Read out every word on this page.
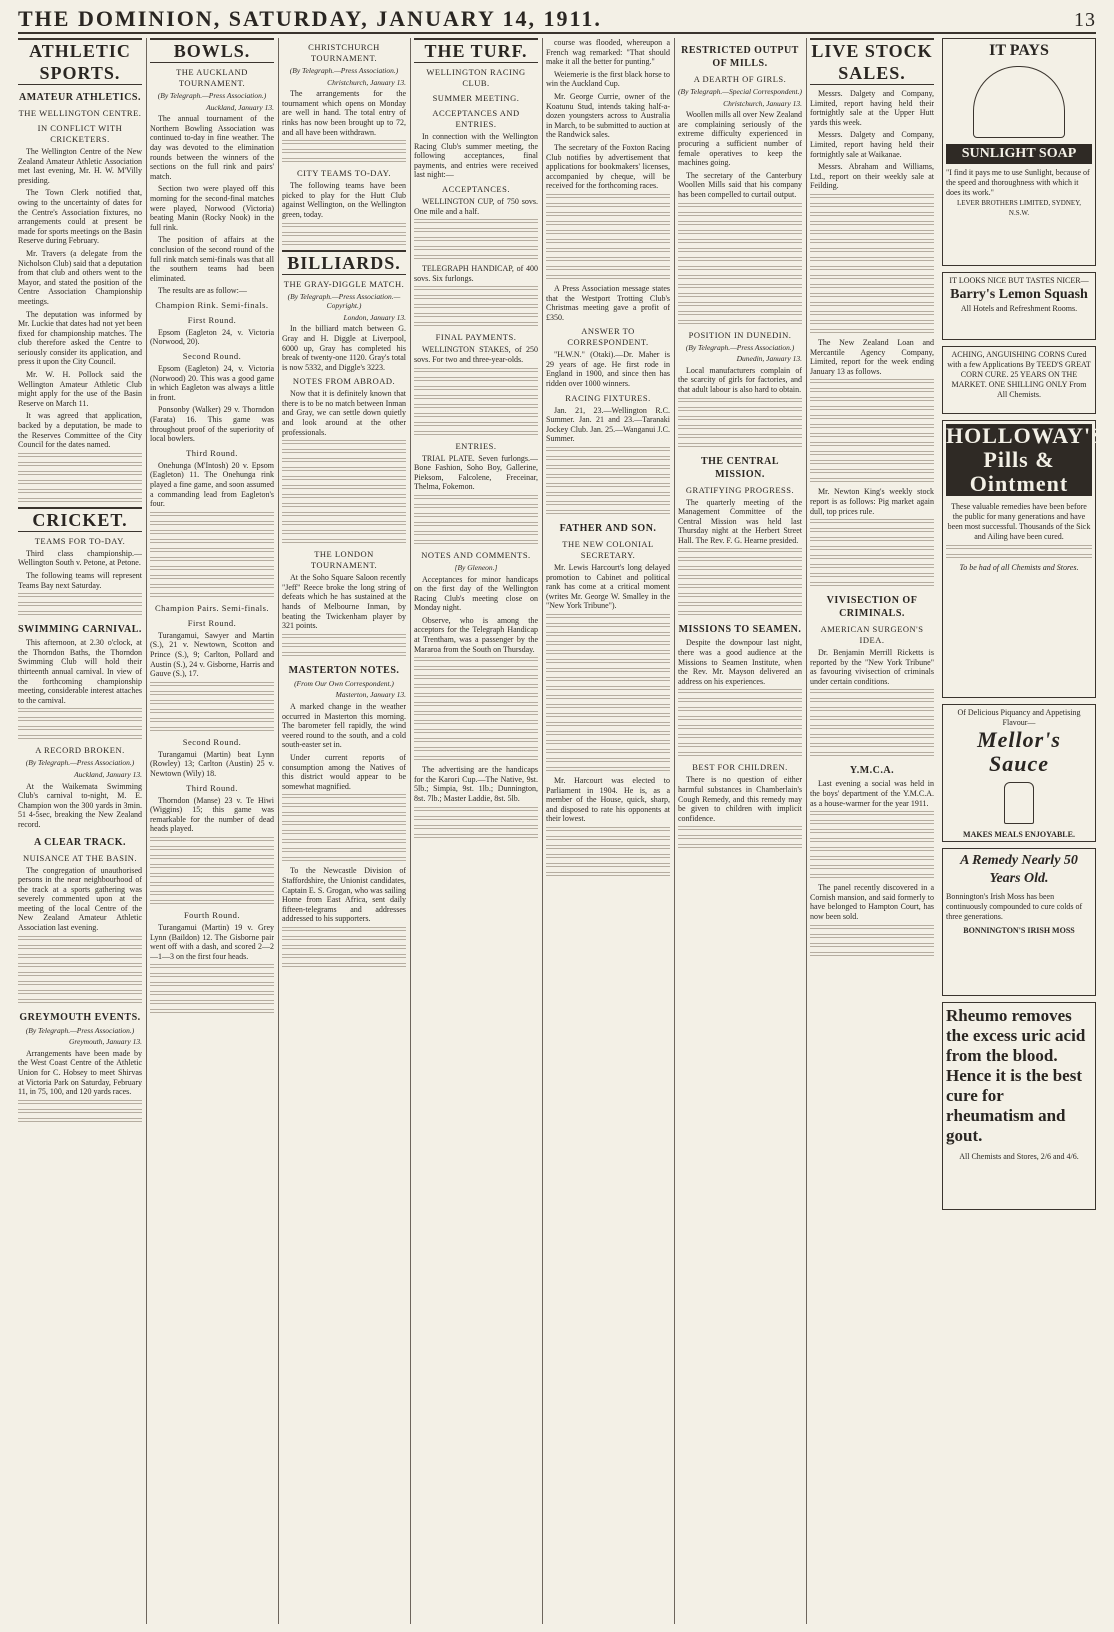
THE DOMINION, SATURDAY, JANUARY 14, 1911.	13
ATHLETIC SPORTS.
AMATEUR ATHLETICS.
THE WELLINGTON CENTRE.
IN CONFLICT WITH CRICKETERS.
The Wellington Centre of the New Zealand Amateur Athletic Association met last evening, Mr. H. W. M'Villy presiding.
The Town Clerk notified that, owing to the uncertainty of dates for the Centre's Association fixtures, no arrangements could at present be made for sports meetings on the Basin Reserve during February.
Mr. Travers (a delegate from the Nicholson Club) said that a deputation from that club and others went to the Mayor, and stated the position of the Centre Association Championship meetings.
The deputation was informed by Mr. Luckie that dates had not yet been fixed for championship matches. The club therefore asked the Centre to seriously consider its application, and press it upon the City Council.
Mr. W. H. Pollock said the Wellington Amateur Athletic Club might apply for the use of the Basin Reserve on March 11.
It was agreed that application, backed by a deputation, be made to the Reserves Committee of the City Council for the dates named.
CRICKET.
TEAMS FOR TO-DAY.
Third class championship.—Wellington South v. Petone, at Petone.
The following teams will represent Teams Bay next Saturday.
SWIMMING CARNIVAL.
This afternoon, at 2.30 o'clock, at the Thorndon Baths, the Thorndon Swimming Club will hold their thirteenth annual carnival. In view of the forthcoming championship meeting, considerable interest attaches to the carnival.
A RECORD BROKEN.
(By Telegraph.—Press Association.)
Auckland, January 13.
At the Waikemata Swimming Club's carnival to-night, M. E. Champion won the 300 yards in 3min. 51 4-5sec, breaking the New Zealand record.
A CLEAR TRACK.
NUISANCE AT THE BASIN.
The congregation of unauthorised persons in the near neighbourhood of the track at a sports gathering was severely commented upon at the meeting of the local Centre of the New Zealand Amateur Athletic Association last evening.
GREYMOUTH EVENTS.
(By Telegraph.—Press Association.)
Greymouth, January 13.
Arrangements have been made by the West Coast Centre of the Athletic Union for C. Hobsey to meet Shirvas at Victoria Park on Saturday, February 11, in 75, 100, and 120 yards races.
BOWLS.
THE AUCKLAND TOURNAMENT.
(By Telegraph.—Press Association.)
Auckland, January 13.
The annual tournament of the Northern Bowling Association was continued to-day in fine weather. The day was devoted to the elimination rounds between the winners of the sections on the full rink and pairs' match.
Section two were played off this morning for the second-final matches were played, Norwood (Victoria) beating Manin (Rocky Nook) in the full rink.
The position of affairs at the conclusion of the second round of the full rink match semi-finals was that all the southern teams had been eliminated.
The results are as follow:—
Champion Rink. Semi-finals.
First Round.
Epsom (Eagleton 24, v. Victoria (Norwood, 20).
Second Round.
Epsom (Eagleton) 24, v. Victoria (Norwood) 20. This was a good game in which Eagleton was always a little in front.
Ponsonby (Walker) 29 v. Thorndon (Farata) 16. This game was throughout proof of the superiority of local bowlers.
Third Round.
Onehunga (M'Intosh) 20 v. Epsom (Eagleton) 11. The Onehunga rink played a fine game, and soon assumed a commanding lead from Eagleton's four.
Champion Pairs. Semi-finals.
First Round.
Turangamui, Sawyer and Martin (S.), 21 v. Newtown, Scotton and Prince (S.), 9; Carlton, Pollard and Austin (S.), 24 v. Gisborne, Harris and Gauve (S.), 17.
Second Round.
Turangamui (Martin) beat Lynn (Rowley) 13; Carlton (Austin) 25 v. Newtown (Wily) 18.
Third Round.
Thorndon (Manse) 23 v. Te Hiwi (Wiggins) 15; this game was remarkable for the number of dead heads played.
Fourth Round.
Turangamui (Martin) 19 v. Grey Lynn (Baildon) 12. The Gisborne pair went off with a dash, and scored 2—2—1—3 on the first four heads.
CHRISTCHURCH TOURNAMENT.
(By Telegraph.—Press Association.)
Christchurch, January 13.
The arrangements for the tournament which opens on Monday are well in hand. The total entry of rinks has now been brought up to 72, and all have been withdrawn.
CITY TEAMS TO-DAY.
The following teams have been picked to play for the Hutt Club against Wellington, on the Wellington green, today.
BILLIARDS.
THE GRAY-DIGGLE MATCH.
(By Telegraph.—Press Association.—Copyright.)
London, January 13.
In the billiard match between G. Gray and H. Diggle at Liverpool, 6000 up, Gray has completed his break of twenty-one 1120. Gray's total is now 5332, and Diggle's 3223.
NOTES FROM ABROAD.
Now that it is definitely known that there is to be no match between Inman and Gray, we can settle down quietly and look around at the other professionals.
THE LONDON TOURNAMENT.
At the Soho Square Saloon recently "Jeff" Reece broke the long string of defeats which he has sustained at the hands of Melbourne Inman, by beating the Twickenham player by 321 points.
MASTERTON NOTES.
(From Our Own Correspondent.)
Masterton, January 13.
A marked change in the weather occurred in Masterton this morning. The barometer fell rapidly, the wind veered round to the south, and a cold south-easter set in.
Under current reports of consumption among the Natives of this district would appear to be somewhat magnified.
To the Newcastle Division of Staffordshire, the Unionist candidates, Captain E. S. Grogan, who was sailing Home from East Africa, sent daily fifteen-telegrams and addresses addressed to his supporters.
THE TURF.
WELLINGTON RACING CLUB.
SUMMER MEETING.
ACCEPTANCES AND ENTRIES.
In connection with the Wellington Racing Club's summer meeting, the following acceptances, final payments, and entries were received last night:—
ACCEPTANCES.
WELLINGTON CUP, of 750 sovs. One mile and a half.
TELEGRAPH HANDICAP, of 400 sovs. Six furlongs.
FINAL PAYMENTS.
WELLINGTON STAKES, of 250 sovs. For two and three-year-olds.
ENTRIES.
TRIAL PLATE. Seven furlongs.—Bone Fashion, Soho Boy, Gallerine, Pieksom, Falcolene, Freceinar, Thelma, Fokemon.
NOTES AND COMMENTS.
[By Gleneon.]
Acceptances for minor handicaps on the first day of the Wellington Racing Club's meeting close on Monday night.
Observe, who is among the acceptors for the Telegraph Handicap at Trentham, was a passenger by the Mararoa from the South on Thursday.
The advertising are the handicaps for the Karori Cup.—The Native, 9st. 5lb.; Simpia, 9st. 1lb.; Dunnington, 8st. 7lb.; Master Laddie, 8st. 5lb.
course was flooded, whereupon a French wag remarked: "That should make it all the better for punting."
Weiemerie is the first black horse to win the Auckland Cup.
Mr. George Currie, owner of the Koatunu Stud, intends taking half-a-dozen youngsters across to Australia in March, to be submitted to auction at the Randwick sales.
The secretary of the Foxton Racing Club notifies by advertisement that applications for bookmakers' licenses, accompanied by cheque, will be received for the forthcoming races.
A Press Association message states that the Westport Trotting Club's Christmas meeting gave a profit of £350.
ANSWER TO CORRESPONDENT.
"H.W.N." (Otaki).—Dr. Maher is 29 years of age. He first rode in England in 1900, and since then has ridden over 1000 winners.
RACING FIXTURES.
Jan. 21, 23.—Wellington R.C. Summer. Jan. 21 and 23.—Taranaki Jockey Club. Jan. 25.—Wanganui J.C. Summer.
FATHER AND SON.
THE NEW COLONIAL SECRETARY.
Mr. Lewis Harcourt's long delayed promotion to Cabinet and political rank has come at a critical moment (writes Mr. George W. Smalley in the "New York Tribune").
Mr. Harcourt was elected to Parliament in 1904. He is, as a member of the House, quick, sharp, and disposed to rate his opponents at their lowest.
RESTRICTED OUTPUT OF MILLS.
A DEARTH OF GIRLS.
(By Telegraph.—Special Correspondent.)
Christchurch, January 13.
Woollen mills all over New Zealand are complaining seriously of the extreme difficulty experienced in procuring a sufficient number of female operatives to keep the machines going.
The secretary of the Canterbury Woollen Mills said that his company has been compelled to curtail output.
POSITION IN DUNEDIN.
(By Telegraph.—Press Association.)
Dunedin, January 13.
Local manufacturers complain of the scarcity of girls for factories, and that adult labour is also hard to obtain.
THE CENTRAL MISSION.
GRATIFYING PROGRESS.
The quarterly meeting of the Management Committee of the Central Mission was held last Thursday night at the Herbert Street Hall. The Rev. F. G. Hearne presided.
MISSIONS TO SEAMEN.
Despite the downpour last night, there was a good audience at the Missions to Seamen Institute, when the Rev. Mr. Mayson delivered an address on his experiences.
BEST FOR CHILDREN.
There is no question of either harmful substances in Chamberlain's Cough Remedy, and this remedy may be given to children with implicit confidence.
LIVE STOCK SALES.
Messrs. Dalgety and Company, Limited, report having held their fortnightly sale at the Upper Hutt yards this week.
Messrs. Dalgety and Company, Limited, report having held their fortnightly sale at Waikanae.
Messrs. Abraham and Williams, Ltd., report on their weekly sale at Feilding.
The New Zealand Loan and Mercantile Agency Company, Limited, report for the week ending January 13 as follows.
Mr. Newton King's weekly stock report is as follows: Pig market again dull, top prices rule.
VIVISECTION OF CRIMINALS.
AMERICAN SURGEON'S IDEA.
Dr. Benjamin Merrill Ricketts is reported by the "New York Tribune" as favouring vivisection of criminals under certain conditions.
Y.M.C.A.
Last evening a social was held in the boys' department of the Y.M.C.A. as a house-warmer for the year 1911.
The panel recently discovered in a Cornish mansion, and said formerly to have belonged to Hampton Court, has now been sold.
IT PAYS
SUNLIGHT SOAP
"I find it pays me to use Sunlight, because of the speed and thoroughness with which it does its work."
LEVER BROTHERS LIMITED, SYDNEY, N.S.W.
IT LOOKS NICE BUT TASTES NICER—
Barry's Lemon Squash
All Hotels and Refreshment Rooms.
ACHING, ANGUISHING CORNS Cured with a few Applications By TEED'S GREAT CORN CURE. 25 YEARS ON THE MARKET. ONE SHILLING ONLY From All Chemists.
HOLLOWAY'S Pills & Ointment
These valuable remedies have been before the public for many generations and have been most successful. Thousands of the Sick and Ailing have been cured.
To be had of all Chemists and Stores.
Of Delicious Piquancy and Appetising Flavour—
Mellor's Sauce
MAKES MEALS ENJOYABLE.
A Remedy Nearly 50 Years Old.
Bonnington's Irish Moss has been continuously compounded to cure colds of three generations.
BONNINGTON'S IRISH MOSS
Rheumo removes the excess uric acid from the blood. Hence it is the best cure for rheumatism and gout.
All Chemists and Stores, 2/6 and 4/6.
